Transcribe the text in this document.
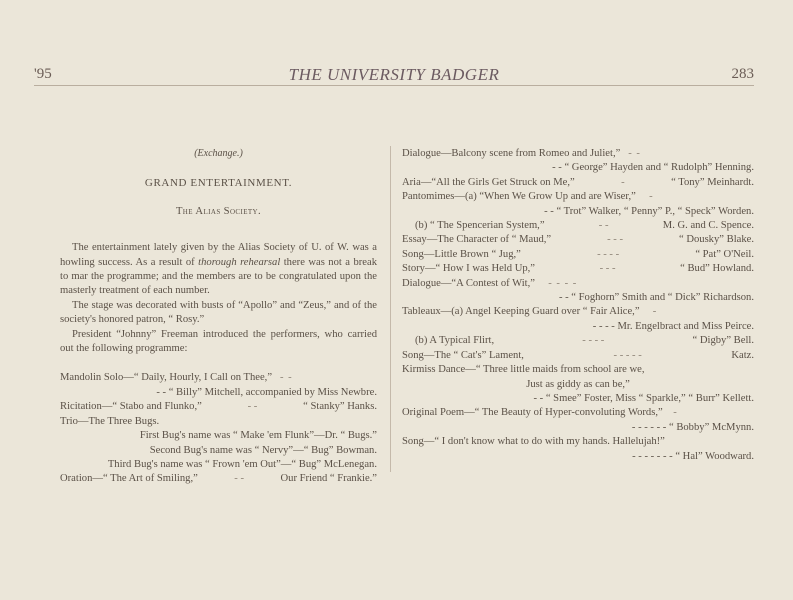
'95	THE UNIVERSITY BADGER	283
(Exchange.)
GRAND ENTERTAINMENT.
The Alias Society.
The entertainment lately given by the Alias Society of U. of W. was a howling success. As a result of thorough rehearsal there was not a break to mar the programme; and the members are to be congratulated upon the masterly treatment of each number.
The stage was decorated with busts of “Apollo” and “Zeus,” and of the society's honored patron, “ Rosy.”
President “Johnny” Freeman introduced the performers, who carried out the following programme:
Mandolin Solo—“ Daily, Hourly, I Call on Thee,” - -
- - “ Billy” Mitchell, accompanied by Miss Newbre.
Ricitation—“ Stabo and Flunko,”	- -	“ Stanky” Hanks.
Trio—The Three Bugs.
First Bug's name was “ Make 'em Flunk”—Dr. “ Bugs.”
Second Bug's name was “ Nervy”—“ Bug” Bowman.
Third Bug's name was “ Frown 'em Out”—“ Bug” McLenegan.
Oration—“ The Art of Smiling,”	- -	Our Friend “ Frankie.”
Dialogue—Balcony scene from Romeo and Juliet,” - -
- - “ George” Hayden and “ Rudolph” Henning.
Aria—“All the Girls Get Struck on Me,”	-	“ Tony” Meinhardt.
Pantomimes—(a) “When We Grow Up and are Wiser,” -
- - “ Trot” Walker, “ Penny” P., “ Speck” Worden.
(b) “ The Spencerian System,”	- -	M. G. and C. Spence.
Essay—The Character of “ Maud,”	- - -	“ Dousky” Blake.
Song—Little Brown “ Jug,”	- - - -	“ Pat” O'Neil.
Story—“ How I was Held Up,”	- - -	“ Bud” Howland.
Dialogue—“A Contest of Wit,” - - - -
- - “ Foghorn” Smith and “ Dick” Richardson.
Tableaux—(a) Angel Keeping Guard over “ Fair Alice,” -
- - - - Mr. Engelbract and Miss Peirce.
(b) A Typical Flirt,	- - - -	“ Digby” Bell.
Song—The “ Cat's” Lament,	- - - - -	Katz.
Kirmiss Dance—“ Three little maids from school are we,
Just as giddy as can be,”
- - “ Smee” Foster, Miss “ Sparkle,” “ Burr” Kellett.
Original Poem—“ The Beauty of Hyper-convoluting Words,” -
- - - - - - “ Bobby” McMynn.
Song—“ I don't know what to do with my hands. Hallelujah!”
- - - - - - - “ Hal” Woodward.
